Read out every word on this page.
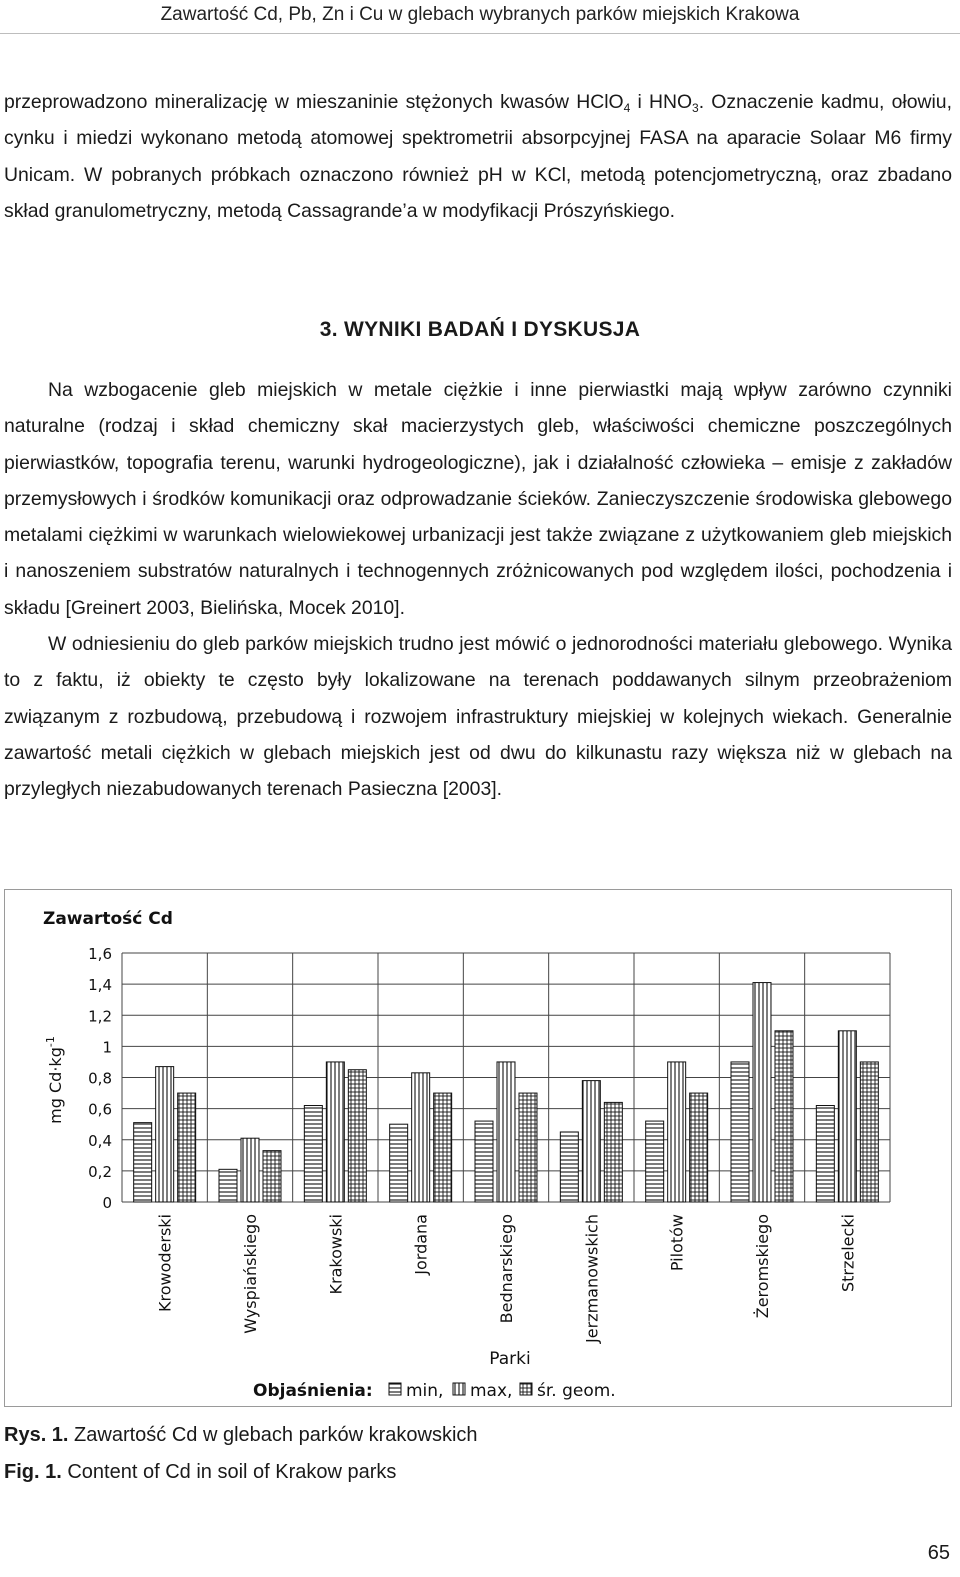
Zawartość Cd, Pb, Zn i Cu w glebach wybranych parków miejskich Krakowa

przeprowadzono mineralizację w mieszaninie stężonych kwasów HClO$_4$ i $HNO_3$. Oznaczenie kadmu, ołowiu, cynku i miedzi wykonano metodą atomowej spektrometrii absorpcyjnej FASA na aparacie Solaar M6 firmy Unicam. W pobranych próbkach oznaczono również pH w KCl, metodą potencjometryczną, oraz zbadano skład granulometryczny, metodą Cassagrande’a w modyfikacji Prószyńskiego.

3. WYNIKI BADAŃ I DYSKUSJA

Na wzbogacenie gleb miejskich w metale ciężkie i inne pierwiastki mają wpływ zarówno czynniki naturalne (rodzaj i skład chemiczny skał macierzystych gleb, właściwości chemiczne poszczególnych pierwiastków, topografia terenu, warunki hydrogeologiczne), jak i działalność człowieka – emisje z zakładów przemysłowych i środków komunikacji oraz odprowadzanie ścieków. Zanieczyszczenie środowiska glebowego metalami ciężkimi w warunkach wielowiekowej urbanizacji jest także związane z użytkowaniem gleb miejskich i nanoszeniem substratów naturalnych i technogennych zróżnicowanych pod względem ilości, pochodzenia i składu [Greinert 2003, Bielińska, Mocek 2010].

W odniesieniu do gleb parków miejskich trudno jest mówić o jednorodności materiału glebowego. Wynika to z faktu, iż obiekty te często były lokalizowane na terenach poddawanych silnym przeobrażeniom związanym z rozbudową, przebudową i rozwojem infrastruktury miejskiej w kolejnych wiekach. Generalnie zawartość metali ciężkich w glebach miejskich jest od dwu do kilkunastu razy większa niż w glebach na przyległych niezabudowanych terenach Pasieczna [2003].

Zawartość Cd
mg $Cd\cdot kg^{-1}$
0
0,2
0,4
0,6
0,8
1
1,2
1,4
1,6
Krowoderski	Wyspiańskiego	Krakowski	Jordana	Bednarskiego	Jerzmanowskich	Pilotów	Żeromskiego	Strzelecki
Parki
Objaśnienia: min, max, śr. geom.
Rys. 1. Zawartość Cd w glebach parków krakowskich
Fig. 1. Content of Cd in soil of Krakow parks
65
